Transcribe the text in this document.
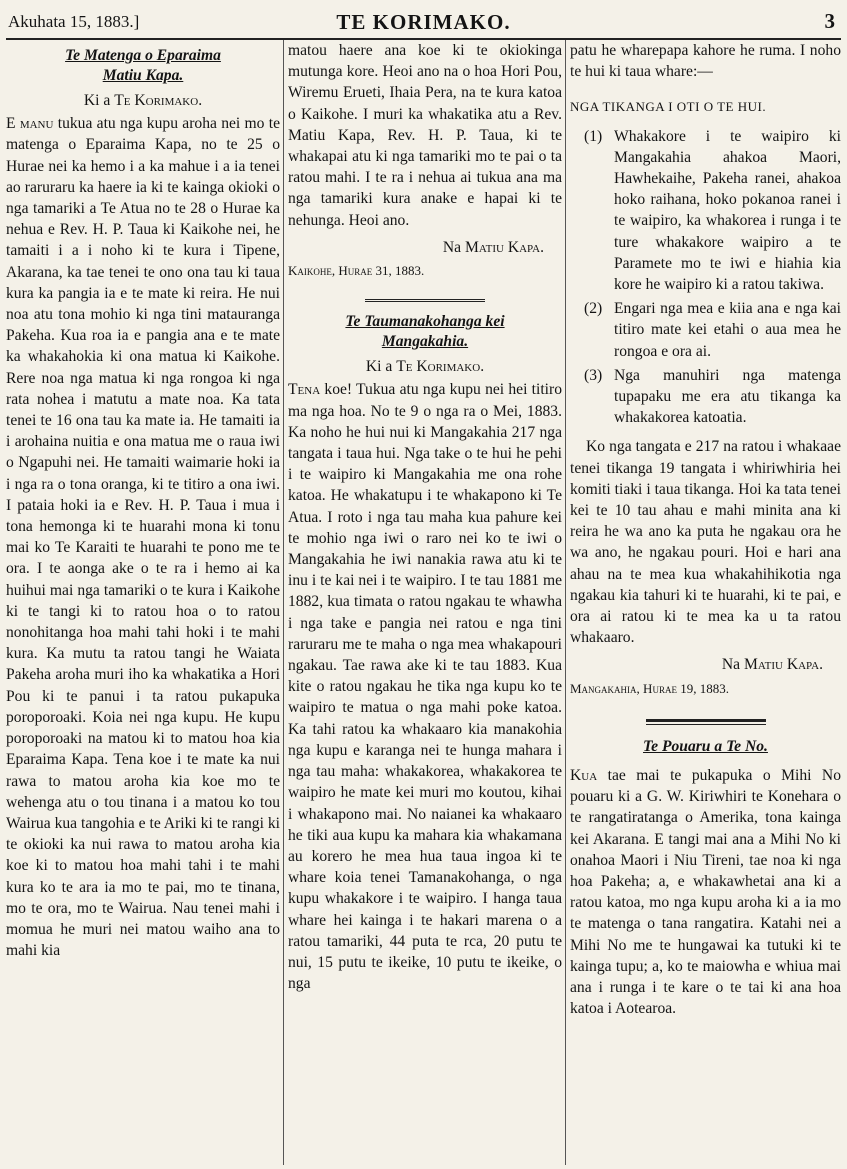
Akuhata 15, 1883.]	TE KORIMAKO.	3
Te Matenga o Eparaima
Matiu Kapa.
Ki a Te Korimako.

E manu tukua atu nga kupu aroha nei mo te matenga o Eparaima Kapa, no te 25 o Hurae nei ka hemo i a ka mahue i a ia tenei ao raruraru ka haere ia ki te kainga okioki o nga tamariki a Te Atua no te 28 o Hurae ka nehua e Rev. H. P. Taua ki Kaikohe nei, he tamaiti i a i noho ki te kura i Tipene, Akarana, ka tae tenei te ono ona tau ki taua kura ka pangia ia e te mate ki reira. He nui noa atu tona mohio ki nga tini matauranga Pakeha. Kua roa ia e pangia ana e te mate ka whakahokia ki ona matua ki Kaikohe. Rere noa nga matua ki nga rongoa ki nga rata nohea i matutu a mate noa. Ka tata tenei te 16 ona tau ka mate ia. He tamaiti ia i arohaina nuitia e ona matua me o raua iwi o Ngapuhi nei. He tamaiti waimarie hoki ia i nga ra o tona oranga, ki te titiro a ona iwi. I pataia hoki ia e Rev. H. P. Taua i mua i tona hemonga ki te huarahi mona ki tonu mai ko Te Karaiti te huarahi te pono me te ora. I te aonga ake o te ra i hemo ai ka huihui mai nga tamariki o te kura i Kaikohe ki te tangi ki to ratou hoa o to ratou nonohitanga hoa mahi tahi hoki i te mahi kura. Ka mutu ta ratou tangi he Waiata Pakeha aroha muri iho ka whakatika a Hori Pou ki te panui i ta ratou pukapuka poroporoaki. Koia nei nga kupu. He kupu poroporoaki na matou ki to matou hoa kia Eparaima Kapa. Tena koe i te mate ka nui rawa to matou aroha kia koe mo te wehenga atu o tou tinana i a matou ko tou Wairua kua tangohia e te Ariki ki te rangi ki te okioki ka nui rawa to matou aroha kia koe ki to matou hoa mahi tahi i te mahi kura ko te ara ia mo te pai, mo te tinana, mo te ora, mo te Wairua. Nau tenei mahi i momua he muri nei matou waiho ana to mahi kia

matou haere ana koe ki te okiokinga mutunga kore. Heoi ano na o hoa Hori Pou, Wiremu Erueti, Ihaia Pera, na te kura katoa o Kaikohe. I muri ka whakatika atu a Rev. Matiu Kapa, Rev. H. P. Taua, ki te whakapai atu ki nga tamariki mo te pai o ta ratou mahi. I te ra i nehua ai tukua ana ma nga tamariki kura anake e hapai ki te nehunga. Heoi ano.

Na Matiu Kapa.
Kaikohe, Hurae 31, 1883.
Te Taumanakohanga kei
Mangakahia.
Ki a Te Korimako.

Tena koe! Tukua atu nga kupu nei hei titiro ma nga hoa. No te 9 o nga ra o Mei, 1883. Ka noho he hui nui ki Mangakahia 217 nga tangata i taua hui. Nga take o te hui he pehi i te waipiro ki Mangakahia me ona rohe katoa. He whakatupu i te whakapono ki Te Atua. I roto i nga tau maha kua pahure kei te mohio nga iwi o raro nei ko te iwi o Mangakahia he iwi nanakia rawa atu ki te inu i te kai nei i te waipiro. I te tau 1881 me 1882, kua timata o ratou ngakau te whawha i nga take e pangia nei ratou e nga tini raruraru me te maha o nga mea whakapouri ngakau. Tae rawa ake ki te tau 1883. Kua kite o ratou ngakau he tika nga kupu ko te waipiro te matua o nga mahi poke katoa. Ka tahi ratou ka whakaaro kia manakohia nga kupu e karanga nei te hunga mahara i nga tau maha: whakakorea, whakakorea te waipiro he mate kei muri mo koutou, kihai i whakapono mai. No naianei ka whakaaro he tiki aua kupu ka mahara kia whakamana au korero he mea hua taua ingoa ki te whare koia tenei Tamanakohanga, o nga kupu whakakore i te waipiro. I hanga taua whare hei kainga i te hakari marena o a ratou tamariki, 44 puta te rca, 20 putu te nui, 15 putu te ikeike, 10 putu te ikeike, o nga

patu he wharepapa kahore he ruma. I noho te hui ki taua whare:—

NGA TIKANGA I OTI O TE HUI.
(1) Whakakore i te waipiro ki Mangakahia ahakoa Maori, Hawhekaihe, Pakeha ranei, ahakoa hoko raihana, hoko pokanoa ranei i te waipiro, ka whakorea i runga i te ture whakakore waipiro a te Paramete mo te iwi e hiahia kia kore he waipiro ki a ratou takiwa.
(2) Engari nga mea e kiia ana e nga kai titiro mate kei etahi o aua mea he rongoa e ora ai.
(3) Nga manuhiri nga matenga tupapaku me era atu tikanga ka whakakorea katoatia.

Ko nga tangata e 217 na ratou i whakaae tenei tikanga 19 tangata i whiriwhiria hei komiti tiaki i taua tikanga. Hoi ka tata tenei kei te 10 tau ahau e mahi minita ana ki reira he wa ano ka puta he ngakau ora he wa ano, he ngakau pouri. Hoi e hari ana ahau na te mea kua whakahihikotia nga ngakau kia tahuri ki te huarahi, ki te pai, e ora ai ratou ki te mea ka u ta ratou whakaaro.

Na Matiu Kapa.
Mangakahia, Hurae 19, 1883.
Te Pouaru a Te No.

Kua tae mai te pukapuka o Mihi No pouaru ki a G. W. Kiriwhiri te Konehara o te rangatiratanga o Amerika, tona kainga kei Akarana. E tangi mai ana a Mihi No ki onahoa Maori i Niu Tireni, tae noa ki nga hoa Pakeha; a, e whakawhetai ana ki a ratou katoa, mo nga kupu aroha ki a ia mo te matenga o tana rangatira. Katahi nei a Mihi No me te hungawai ka tutuki ki te kainga tupu; a, ko te maiowha e whiua mai ana i runga i te kare o te tai ki ana hoa katoa i Aotearoa.
